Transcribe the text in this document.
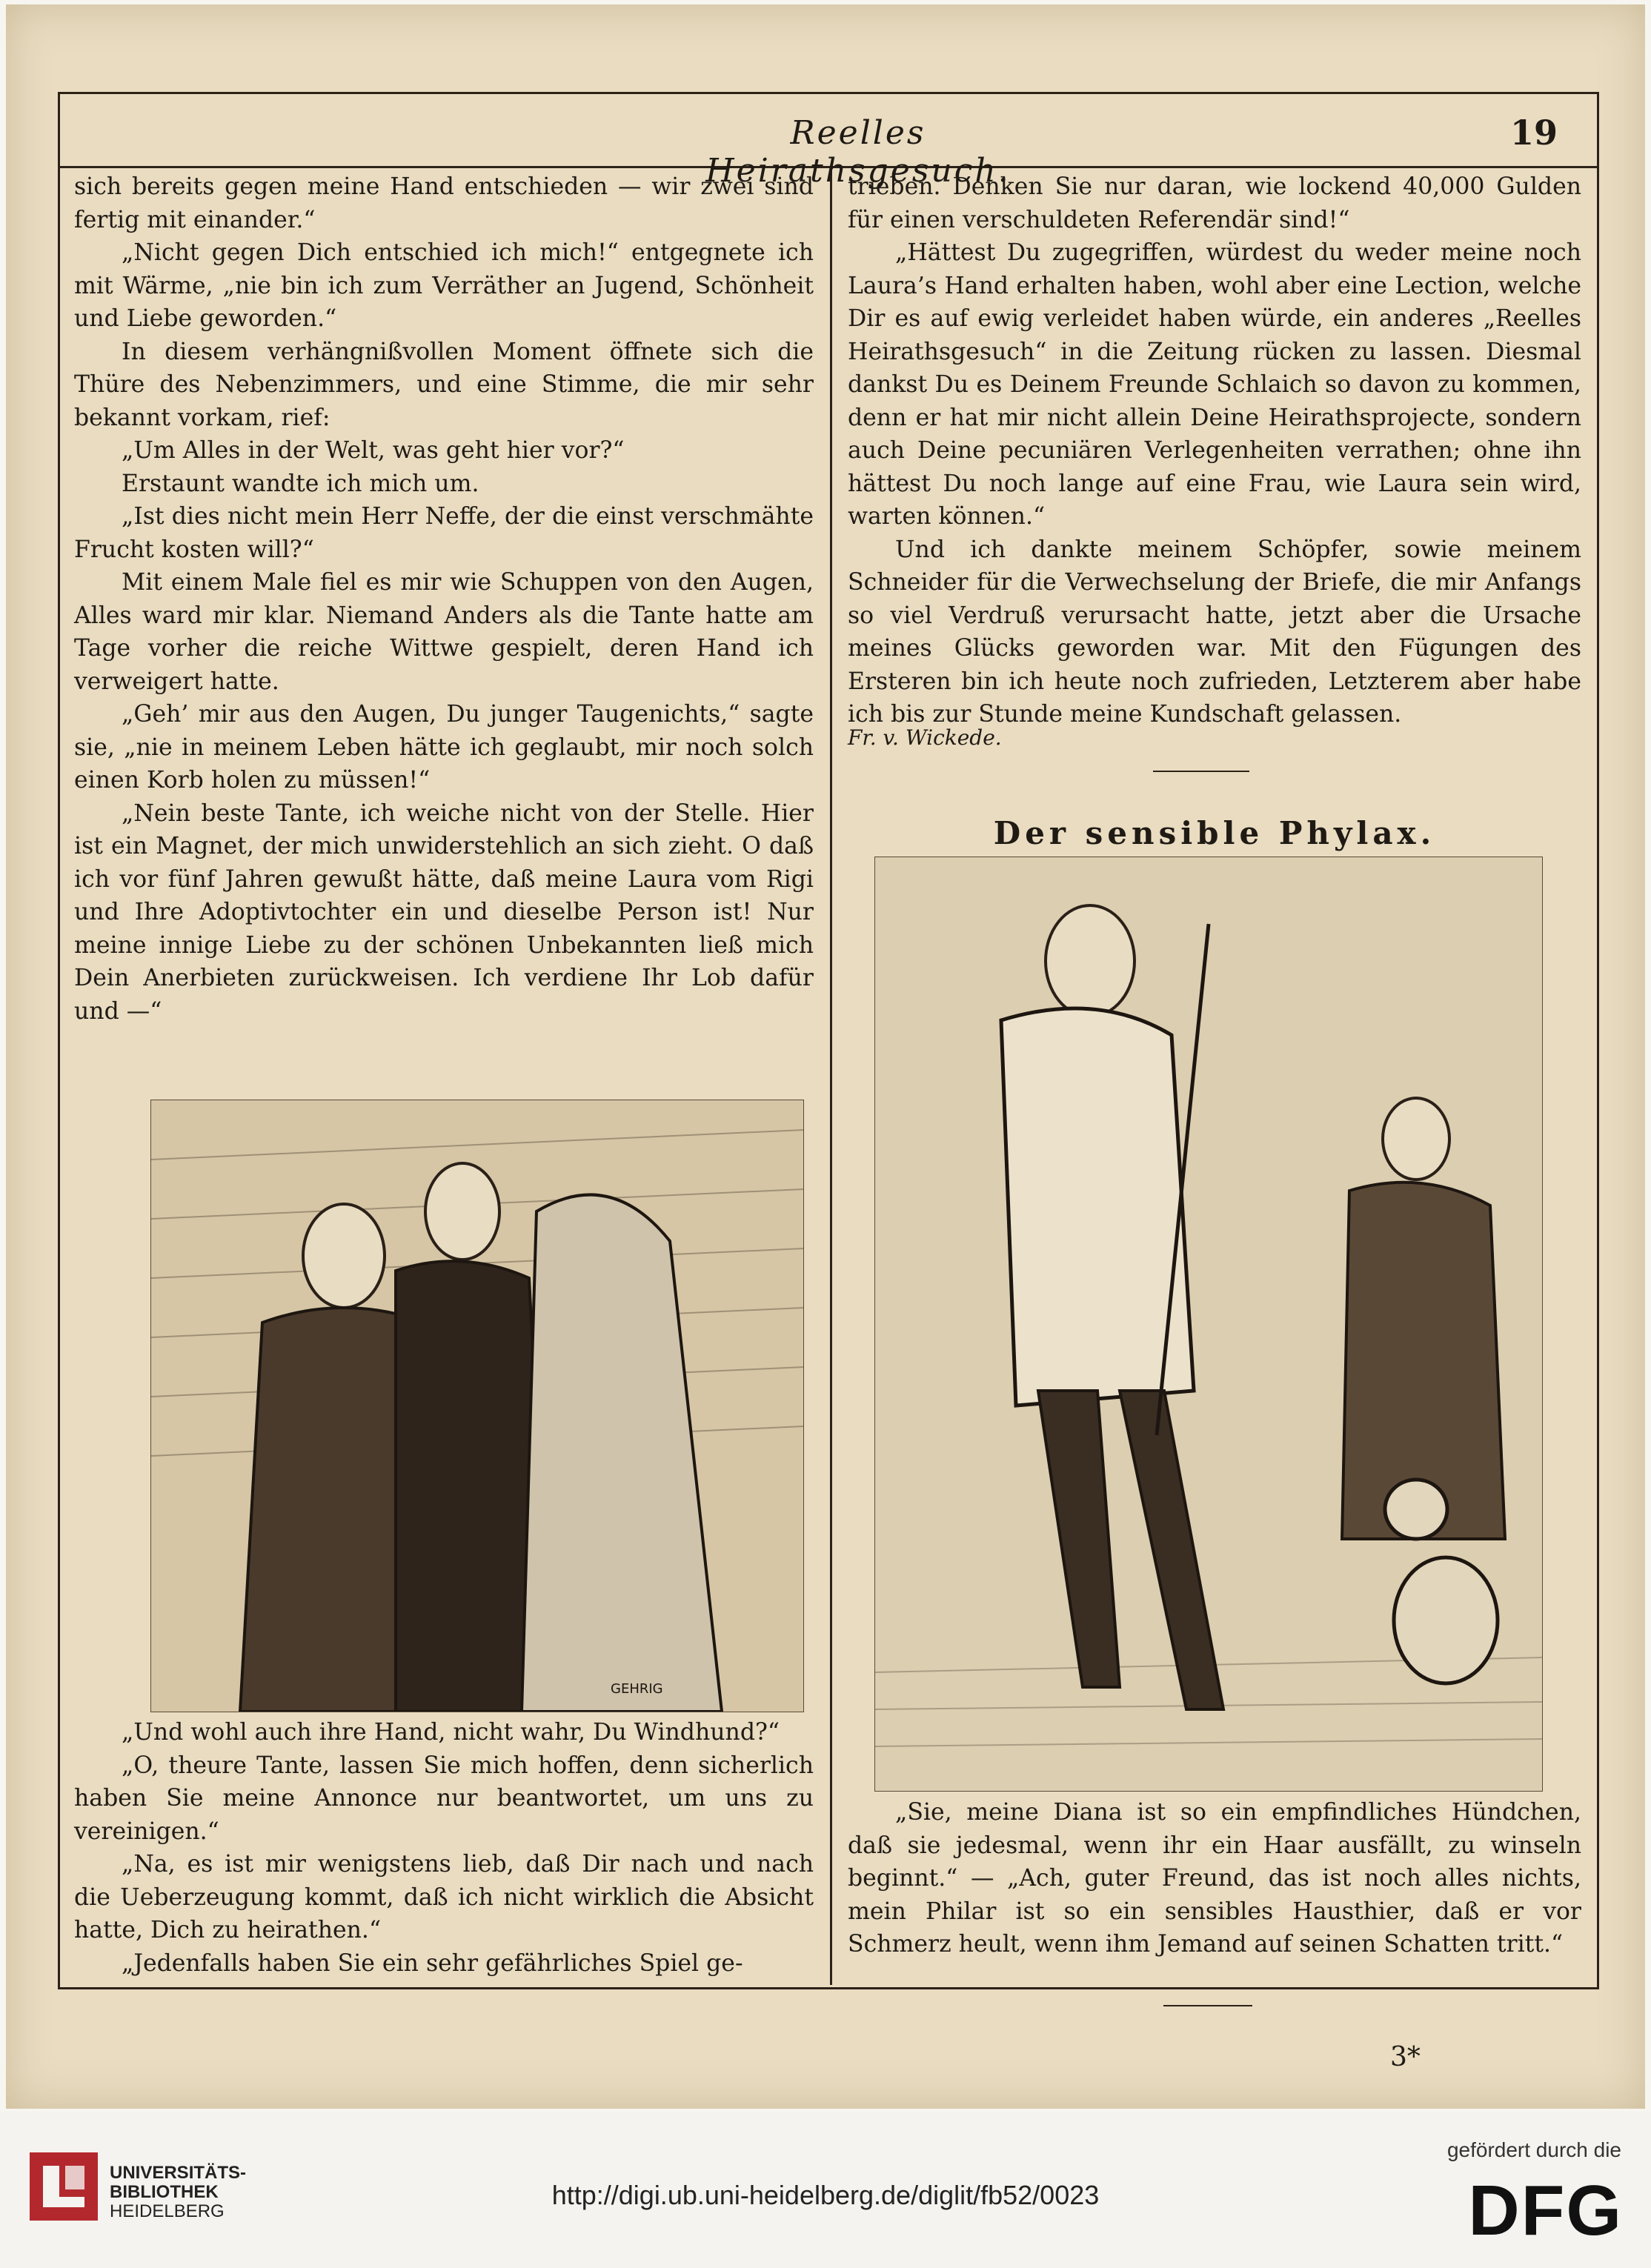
Reelles Heirathsgesuch.
19

sich bereits gegen meine Hand entschieden — wir zwei sind fertig mit einander.“

„Nicht gegen Dich entschied ich mich!“ entgegnete ich mit Wärme, „nie bin ich zum Verräther an Jugend, Schönheit und Liebe geworden.“

In diesem verhängnißvollen Moment öffnete sich die Thüre des Nebenzimmers, und eine Stimme, die mir sehr bekannt vorkam, rief:

„Um Alles in der Welt, was geht hier vor?“

Erstaunt wandte ich mich um.

„Ist dies nicht mein Herr Neffe, der die einst verschmähte Frucht kosten will?“

Mit einem Male fiel es mir wie Schuppen von den Augen, Alles ward mir klar. Niemand Anders als die Tante hatte am Tage vorher die reiche Wittwe gespielt, deren Hand ich verweigert hatte.

„Geh’ mir aus den Augen, Du junger Taugenichts,“ sagte sie, „nie in meinem Leben hätte ich geglaubt, mir noch solch einen Korb holen zu müssen!“

„Nein beste Tante, ich weiche nicht von der Stelle. Hier ist ein Magnet, der mich unwiderstehlich an sich zieht. O daß ich vor fünf Jahren gewußt hätte, daß meine Laura vom Rigi und Ihre Adoptivtochter ein und dieselbe Person ist! Nur meine innige Liebe zu der schönen Unbekannten ließ mich Dein Anerbieten zurückweisen. Ich verdiene Ihr Lob dafür und —“

GEHRIG

„Und wohl auch ihre Hand, nicht wahr, Du Windhund?“

„O, theure Tante, lassen Sie mich hoffen, denn sicherlich haben Sie meine Annonce nur beantwortet, um uns zu vereinigen.“

„Na, es ist mir wenigstens lieb, daß Dir nach und nach die Ueberzeugung kommt, daß ich nicht wirklich die Absicht hatte, Dich zu heirathen.“

„Jedenfalls haben Sie ein sehr gefährliches Spiel ge-

trieben. Denken Sie nur daran, wie lockend 40,000 Gulden für einen verschuldeten Referendär sind!“

„Hättest Du zugegriffen, würdest du weder meine noch Laura’s Hand erhalten haben, wohl aber eine Lection, welche Dir es auf ewig verleidet haben würde, ein anderes „Reelles Heirathsgesuch“ in die Zeitung rücken zu lassen. Diesmal dankst Du es Deinem Freunde Schlaich so davon zu kommen, denn er hat mir nicht allein Deine Heirathsprojecte, sondern auch Deine pecuniären Verlegenheiten verrathen; ohne ihn hättest Du noch lange auf eine Frau, wie Laura sein wird, warten können.“

Und ich dankte meinem Schöpfer, sowie meinem Schneider für die Verwechselung der Briefe, die mir Anfangs so viel Verdruß verursacht hatte, jetzt aber die Ursache meines Glücks geworden war. Mit den Fügungen des Ersteren bin ich heute noch zufrieden, Letzterem aber habe ich bis zur Stunde meine Kundschaft gelassen.

Fr. v. Wickede.
Der sensible Phylax.

„Sie, meine Diana ist so ein empfindliches Hündchen, daß sie jedesmal, wenn ihr ein Haar ausfällt, zu winseln beginnt.“ — „Ach, guter Freund, das ist noch alles nichts, mein Philar ist so ein sensibles Hausthier, daß er vor Schmerz heult, wenn ihm Jemand auf seinen Schatten tritt.“

3*
UNIVERSITÄTS-
BIBLIOTHEK
HEIDELBERG
http://digi.ub.uni-heidelberg.de/diglit/fb52/0023
gefördert durch die
DFG
